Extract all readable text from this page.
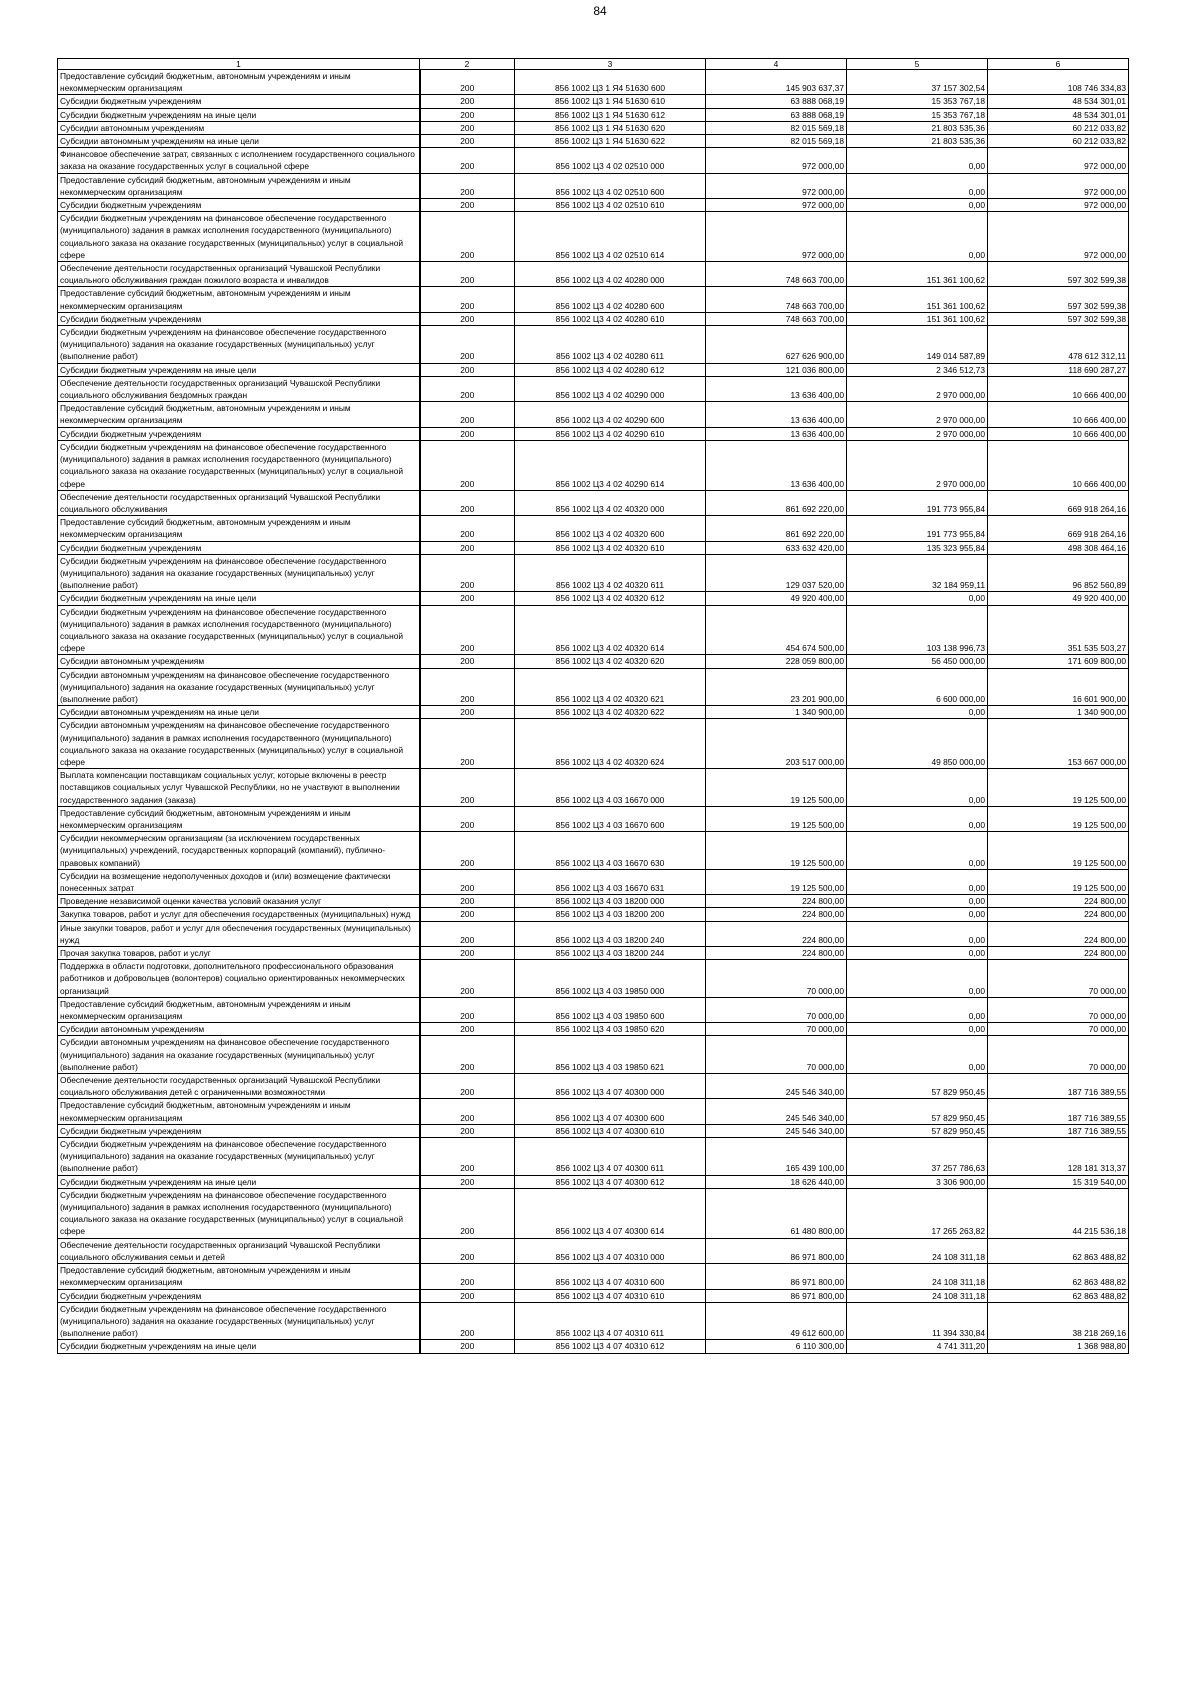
84
1	2	3	4	5	6
Предоставление субсидий бюджетным, автономным учреждениям и иным некоммерческим организациям	200	856 1002 Ц3 1 Я4 51630 600	145 903 637,37	37 157 302,54	108 746 334,83
Субсидии бюджетным учреждениям	200	856 1002 Ц3 1 Я4 51630 610	63 888 068,19	15 353 767,18	48 534 301,01
Субсидии бюджетным учреждениям на иные цели	200	856 1002 Ц3 1 Я4 51630 612	63 888 068,19	15 353 767,18	48 534 301,01
Субсидии автономным учреждениям	200	856 1002 Ц3 1 Я4 51630 620	82 015 569,18	21 803 535,36	60 212 033,82
Субсидии автономным учреждениям на иные цели	200	856 1002 Ц3 1 Я4 51630 622	82 015 569,18	21 803 535,36	60 212 033,82
Финансовое обеспечение затрат, связанных с исполнением государственного социального заказа на оказание государственных услуг в социальной сфере	200	856 1002 Ц3 4 02 02510 000	972 000,00	0,00	972 000,00
Предоставление субсидий бюджетным, автономным учреждениям и иным некоммерческим организациям	200	856 1002 Ц3 4 02 02510 600	972 000,00	0,00	972 000,00
Субсидии бюджетным учреждениям	200	856 1002 Ц3 4 02 02510 610	972 000,00	0,00	972 000,00
Субсидии бюджетным учреждениям на финансовое обеспечение государственного (муниципального) задания в рамках исполнения государственного (муниципального) социального заказа на оказание государственных (муниципальных) услуг в социальной сфере	200	856 1002 Ц3 4 02 02510 614	972 000,00	0,00	972 000,00
Обеспечение деятельности государственных организаций Чувашской Республики социального обслуживания граждан пожилого возраста и инвалидов	200	856 1002 Ц3 4 02 40280 000	748 663 700,00	151 361 100,62	597 302 599,38
Предоставление субсидий бюджетным, автономным учреждениям и иным некоммерческим организациям	200	856 1002 Ц3 4 02 40280 600	748 663 700,00	151 361 100,62	597 302 599,38
Субсидии бюджетным учреждениям	200	856 1002 Ц3 4 02 40280 610	748 663 700,00	151 361 100,62	597 302 599,38
Субсидии бюджетным учреждениям на финансовое обеспечение государственного (муниципального) задания на оказание государственных (муниципальных) услуг (выполнение работ)	200	856 1002 Ц3 4 02 40280 611	627 626 900,00	149 014 587,89	478 612 312,11
Субсидии бюджетным учреждениям на иные цели	200	856 1002 Ц3 4 02 40280 612	121 036 800,00	2 346 512,73	118 690 287,27
Обеспечение деятельности государственных организаций Чувашской Республики социального обслуживания бездомных граждан	200	856 1002 Ц3 4 02 40290 000	13 636 400,00	2 970 000,00	10 666 400,00
Предоставление субсидий бюджетным, автономным учреждениям и иным некоммерческим организациям	200	856 1002 Ц3 4 02 40290 600	13 636 400,00	2 970 000,00	10 666 400,00
Субсидии бюджетным учреждениям	200	856 1002 Ц3 4 02 40290 610	13 636 400,00	2 970 000,00	10 666 400,00
Субсидии бюджетным учреждениям на финансовое обеспечение государственного (муниципального) задания в рамках исполнения государственного (муниципального) социального заказа на оказание государственных (муниципальных) услуг в социальной сфере	200	856 1002 Ц3 4 02 40290 614	13 636 400,00	2 970 000,00	10 666 400,00
Обеспечение деятельности государственных организаций Чувашской Республики социального обслуживания	200	856 1002 Ц3 4 02 40320 000	861 692 220,00	191 773 955,84	669 918 264,16
Предоставление субсидий бюджетным, автономным учреждениям и иным некоммерческим организациям	200	856 1002 Ц3 4 02 40320 600	861 692 220,00	191 773 955,84	669 918 264,16
Субсидии бюджетным учреждениям	200	856 1002 Ц3 4 02 40320 610	633 632 420,00	135 323 955,84	498 308 464,16
Субсидии бюджетным учреждениям на финансовое обеспечение государственного (муниципального) задания на оказание государственных (муниципальных) услуг (выполнение работ)	200	856 1002 Ц3 4 02 40320 611	129 037 520,00	32 184 959,11	96 852 560,89
Субсидии бюджетным учреждениям на иные цели	200	856 1002 Ц3 4 02 40320 612	49 920 400,00	0,00	49 920 400,00
Субсидии бюджетным учреждениям на финансовое обеспечение государственного (муниципального) задания в рамках исполнения государственного (муниципального) социального заказа на оказание государственных (муниципальных) услуг в социальной сфере	200	856 1002 Ц3 4 02 40320 614	454 674 500,00	103 138 996,73	351 535 503,27
Субсидии автономным учреждениям	200	856 1002 Ц3 4 02 40320 620	228 059 800,00	56 450 000,00	171 609 800,00
Субсидии автономным учреждениям на финансовое обеспечение государственного (муниципального) задания на оказание государственных (муниципальных) услуг (выполнение работ)	200	856 1002 Ц3 4 02 40320 621	23 201 900,00	6 600 000,00	16 601 900,00
Субсидии автономным учреждениям на иные цели	200	856 1002 Ц3 4 02 40320 622	1 340 900,00	0,00	1 340 900,00
Субсидии автономным учреждениям на финансовое обеспечение государственного (муниципального) задания в рамках исполнения государственного (муниципального) социального заказа на оказание государственных (муниципальных) услуг в социальной сфере	200	856 1002 Ц3 4 02 40320 624	203 517 000,00	49 850 000,00	153 667 000,00
Выплата компенсации поставщикам социальных услуг, которые включены в реестр поставщиков социальных услуг Чувашской Республики, но не участвуют в выполнении государственного задания (заказа)	200	856 1002 Ц3 4 03 16670 000	19 125 500,00	0,00	19 125 500,00
Предоставление субсидий бюджетным, автономным учреждениям и иным некоммерческим организациям	200	856 1002 Ц3 4 03 16670 600	19 125 500,00	0,00	19 125 500,00
Субсидии некоммерческим организациям (за исключением государственных (муниципальных) учреждений, государственных корпораций (компаний), публично-правовых компаний)	200	856 1002 Ц3 4 03 16670 630	19 125 500,00	0,00	19 125 500,00
Субсидии на возмещение недополученных доходов и (или) возмещение фактически понесенных затрат	200	856 1002 Ц3 4 03 16670 631	19 125 500,00	0,00	19 125 500,00
Проведение независимой оценки качества условий оказания услуг	200	856 1002 Ц3 4 03 18200 000	224 800,00	0,00	224 800,00
Закупка товаров, работ и услуг для обеспечения государственных (муниципальных) нужд	200	856 1002 Ц3 4 03 18200 200	224 800,00	0,00	224 800,00
Иные закупки товаров, работ и услуг для обеспечения государственных (муниципальных) нужд	200	856 1002 Ц3 4 03 18200 240	224 800,00	0,00	224 800,00
Прочая закупка товаров, работ и услуг	200	856 1002 Ц3 4 03 18200 244	224 800,00	0,00	224 800,00
Поддержка в области подготовки, дополнительного профессионального образования работников и добровольцев (волонтеров) социально ориентированных некоммерческих организаций	200	856 1002 Ц3 4 03 19850 000	70 000,00	0,00	70 000,00
Предоставление субсидий бюджетным, автономным учреждениям и иным некоммерческим организациям	200	856 1002 Ц3 4 03 19850 600	70 000,00	0,00	70 000,00
Субсидии автономным учреждениям	200	856 1002 Ц3 4 03 19850 620	70 000,00	0,00	70 000,00
Субсидии автономным учреждениям на финансовое обеспечение государственного (муниципального) задания на оказание государственных (муниципальных) услуг (выполнение работ)	200	856 1002 Ц3 4 03 19850 621	70 000,00	0,00	70 000,00
Обеспечение деятельности государственных организаций Чувашской Республики социального обслуживания детей с ограниченными возможностями	200	856 1002 Ц3 4 07 40300 000	245 546 340,00	57 829 950,45	187 716 389,55
Предоставление субсидий бюджетным, автономным учреждениям и иным некоммерческим организациям	200	856 1002 Ц3 4 07 40300 600	245 546 340,00	57 829 950,45	187 716 389,55
Субсидии бюджетным учреждениям	200	856 1002 Ц3 4 07 40300 610	245 546 340,00	57 829 950,45	187 716 389,55
Субсидии бюджетным учреждениям на финансовое обеспечение государственного (муниципального) задания на оказание государственных (муниципальных) услуг (выполнение работ)	200	856 1002 Ц3 4 07 40300 611	165 439 100,00	37 257 786,63	128 181 313,37
Субсидии бюджетным учреждениям на иные цели	200	856 1002 Ц3 4 07 40300 612	18 626 440,00	3 306 900,00	15 319 540,00
Субсидии бюджетным учреждениям на финансовое обеспечение государственного (муниципального) задания в рамках исполнения государственного (муниципального) социального заказа на оказание государственных (муниципальных) услуг в социальной сфере	200	856 1002 Ц3 4 07 40300 614	61 480 800,00	17 265 263,82	44 215 536,18
Обеспечение деятельности государственных организаций Чувашской Республики социального обслуживания семьи и детей	200	856 1002 Ц3 4 07 40310 000	86 971 800,00	24 108 311,18	62 863 488,82
Предоставление субсидий бюджетным, автономным учреждениям и иным некоммерческим организациям	200	856 1002 Ц3 4 07 40310 600	86 971 800,00	24 108 311,18	62 863 488,82
Субсидии бюджетным учреждениям	200	856 1002 Ц3 4 07 40310 610	86 971 800,00	24 108 311,18	62 863 488,82
Субсидии бюджетным учреждениям на финансовое обеспечение государственного (муниципального) задания на оказание государственных (муниципальных) услуг (выполнение работ)	200	856 1002 Ц3 4 07 40310 611	49 612 600,00	11 394 330,84	38 218 269,16
Субсидии бюджетным учреждениям на иные цели	200	856 1002 Ц3 4 07 40310 612	6 110 300,00	4 741 311,20	1 368 988,80
